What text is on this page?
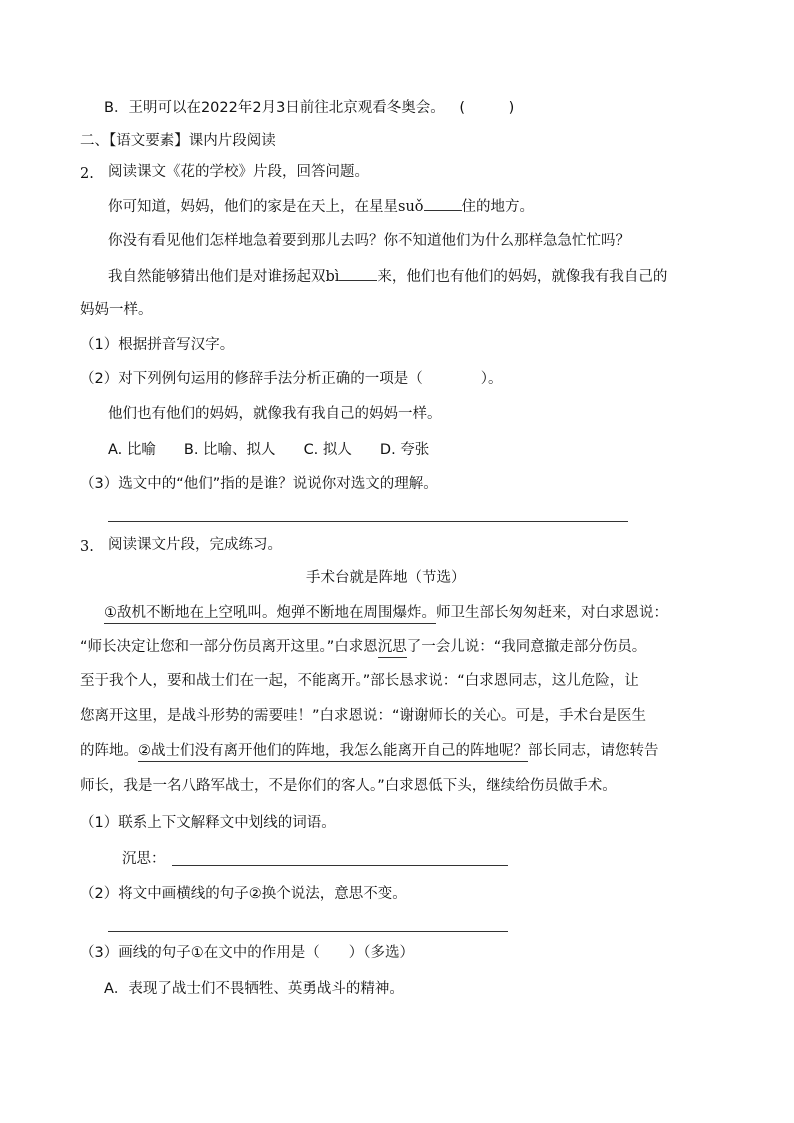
B．王明可以在2022年2月3日前往北京观看冬奥会。 (　　　)
二、【语文要素】课内片段阅读
2. 阅读课文《花的学校》片段，回答问题。
你可知道，妈妈，他们的家是在天上，在星星suǒ	住的地方。
你没有看见他们怎样地急着要到那儿去吗？你不知道他们为什么那样急急忙忙吗？
我自然能够猜出他们是对谁扬起双bì	来，他们也有他们的妈妈，就像我有我自己的
妈妈一样。
（1）根据拼音写汉字。
（2）对下列例句运用的修辞手法分析正确的一项是（	）。
他们也有他们的妈妈，就像我有我自己的妈妈一样。
A. 比喻 B. 比喻、拟人 C. 拟人 D. 夸张
（3）选文中的“他们”指的是谁？说说你对选文的理解。
3. 阅读课文片段，完成练习。
手术台就是阵地（节选）
①敌机不断地在上空吼叫。炮弹不断地在周围爆炸。师卫生部长匆匆赶来，对白求恩说：
“师长决定让您和一部分伤员离开这里。”白求恩沉思了一会儿说：“我同意撤走部分伤员。
至于我个人，要和战士们在一起，不能离开。”部长恳求说：“白求恩同志，这儿危险，让
您离开这里，是战斗形势的需要哇！”白求恩说：“谢谢师长的关心。可是，手术台是医生
的阵地。②战士们没有离开他们的阵地，我怎么能离开自己的阵地呢？部长同志，请您转告
师长，我是一名八路军战士，不是你们的客人。”白求恩低下头，继续给伤员做手术。
（1）联系上下文解释文中划线的词语。
沉思：
（2）将文中画横线的句子②换个说法，意思不变。
（3）画线的句子①在文中的作用是（　　）（多选）
A．表现了战士们不畏牺牲、英勇战斗的精神。
